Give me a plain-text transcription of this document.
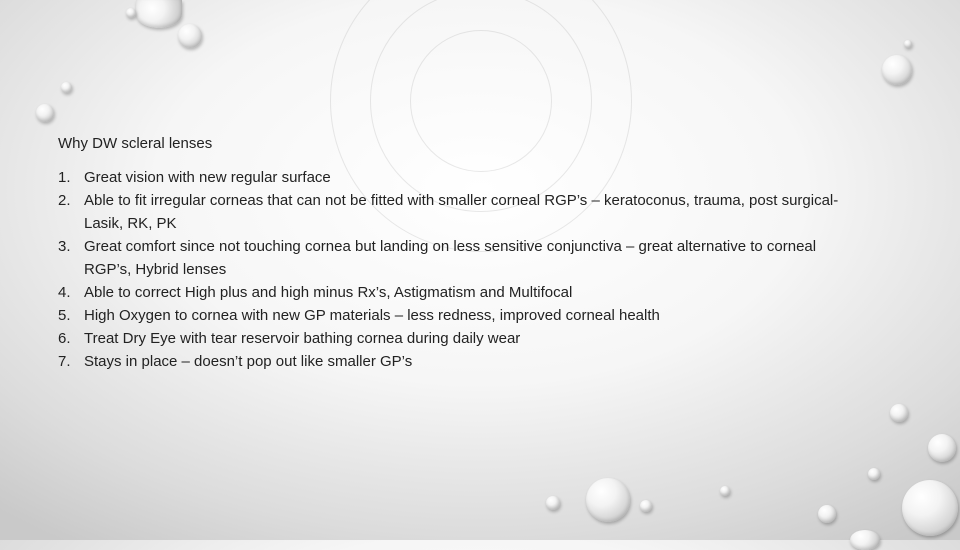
Why DW scleral lenses

1. Great vision with new regular surface
2. Able to fit irregular corneas that can not be fitted with smaller corneal RGP’s – keratoconus, trauma, post surgical- Lasik, RK, PK
3. Great comfort since not touching cornea but landing on less sensitive conjunctiva – great alternative to corneal RGP’s, Hybrid lenses
4. Able to correct High plus and high minus Rx’s, Astigmatism and Multifocal
5. High Oxygen to cornea with new GP materials – less redness, improved corneal health
6. Treat Dry Eye with tear reservoir bathing cornea during daily wear
7. Stays in place – doesn’t pop out like smaller GP’s
